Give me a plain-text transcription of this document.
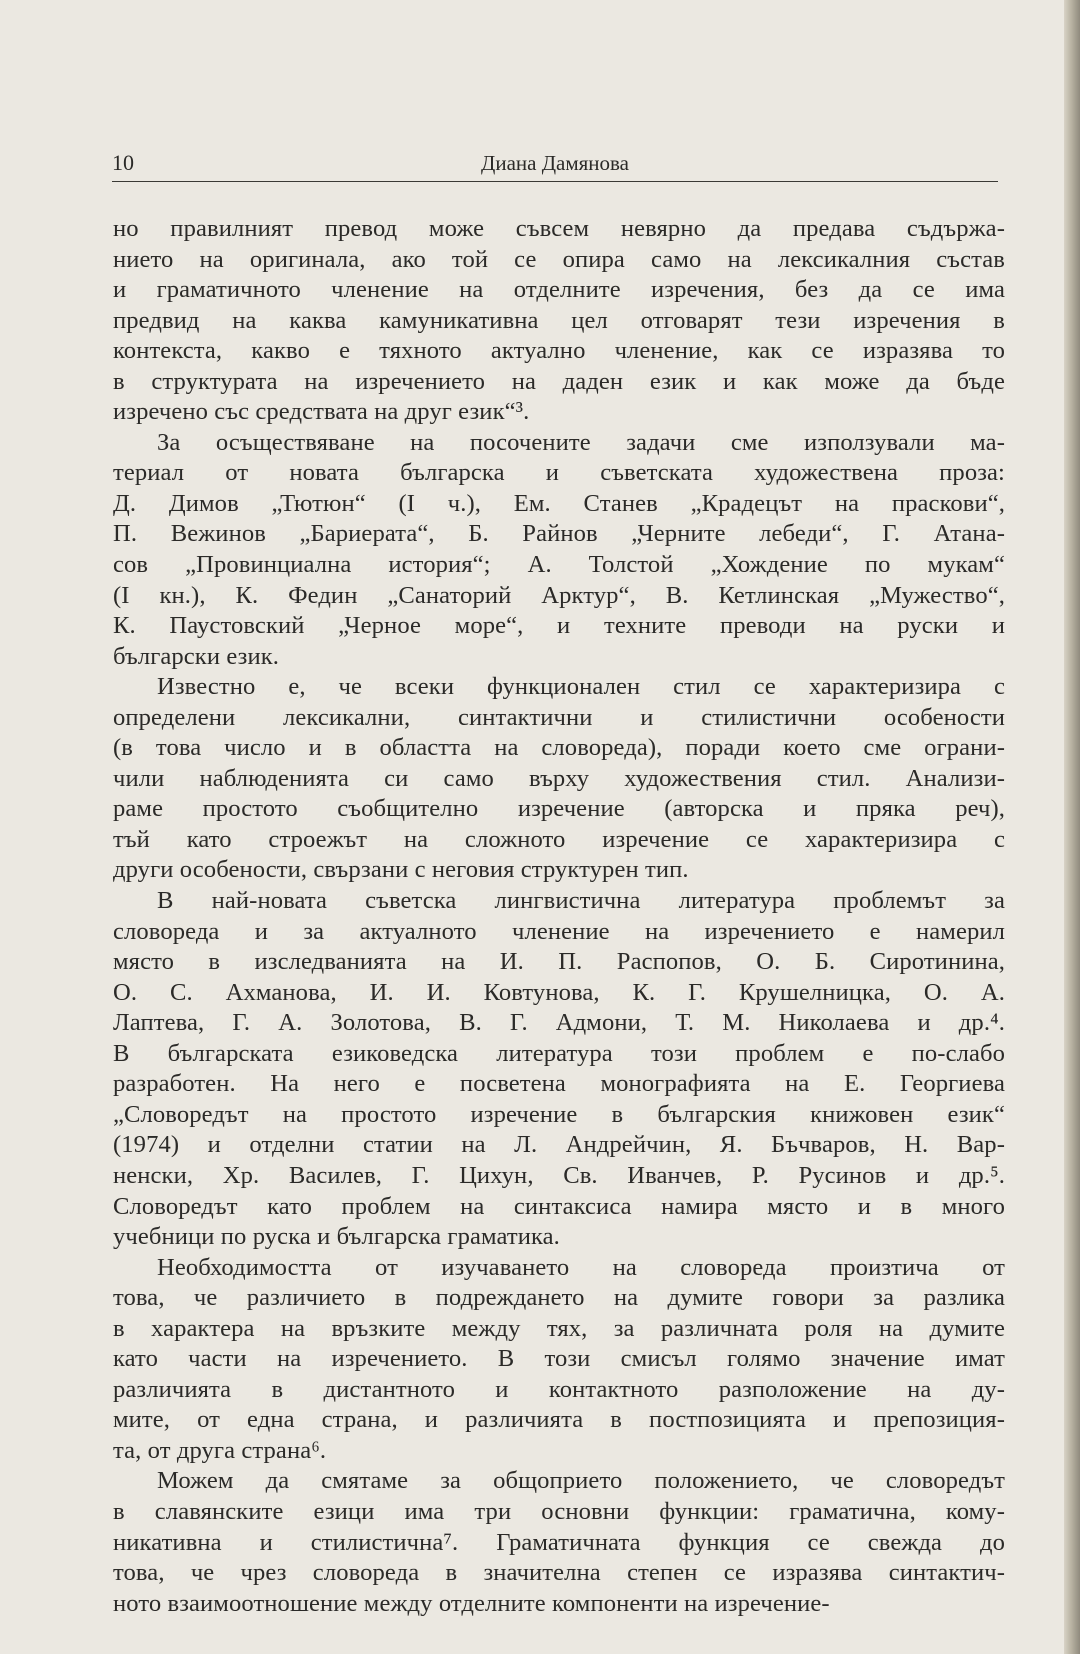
10	Диана Дамянова

но правилният превод може съвсем невярно да предава съдържа-
нието на оригинала, ако той се опира само на лексикалния състав
и граматичното членение на отделните изречения, без да се има
предвид на каква камуникативна цел отговарят тези изречения в
контекста, какво е тяхното актуално членение, как се изразява то
в структурата на изречението на даден език и как може да бъде
изречено със средствата на друг език“³.

За осъществяване на посочените задачи сме използували ма-
териал от новата българска и съветската художествена проза:
Д. Димов „Тютюн“ (I ч.), Ем. Станев „Крадецът на праскови“,
П. Вежинов „Бариерата“, Б. Райнов „Черните лебеди“, Г. Атана-
сов „Провинциална история“; А. Толстой „Хождение по мукам“
(I кн.), К. Федин „Санаторий Арктур“, В. Кетлинская „Мужество“,
К. Паустовский „Черное море“, и техните преводи на руски и
български език.

Известно е, че всеки функционален стил се характеризира с
определени лексикални, синтактични и стилистични особености
(в това число и в областта на словореда), поради което сме ограни-
чили наблюденията си само върху художествения стил. Анализи-
раме простото съобщително изречение (авторска и пряка реч),
тъй като строежът на сложното изречение се характеризира с
други особености, свързани с неговия структурен тип.

В най-новата съветска лингвистична литература проблемът за
словореда и за актуалното членение на изречението е намерил
място в изследванията на И. П. Распопов, О. Б. Сиротинина,
О. С. Ахманова, И. И. Ковтунова, К. Г. Крушелницка, О. А.
Лаптева, Г. А. Золотова, В. Г. Адмони, Т. М. Николаева и др.⁴.
В българската езиковедска литература този проблем е по-слабо
разработен. На него е посветена монографията на Е. Георгиева
„Словоредът на простото изречение в българския книжовен език“
(1974) и отделни статии на Л. Андрейчин, Я. Бъчваров, Н. Вар-
ненски, Хр. Василев, Г. Цихун, Св. Иванчев, Р. Русинов и др.⁵.
Словоредът като проблем на синтаксиса намира място и в много
учебници по руска и българска граматика.

Необходимостта от изучаването на словореда произтича от
това, че различието в подреждането на думите говори за разлика
в характера на връзките между тях, за различната роля на думите
като части на изречението. В този смисъл голямо значение имат
различията в дистантното и контактното разположение на ду-
мите, от една страна, и различията в постпозицията и препозиция-
та, от друга страна⁶.

Можем да смятаме за общоприето положението, че словоредът
в славянските езици има три основни функции: граматична, кому-
никативна и стилистична⁷. Граматичната функция се свежда до
това, че чрез словореда в значителна степен се изразява синтактич-
ното взаимоотношение между отделните компоненти на изречение-
